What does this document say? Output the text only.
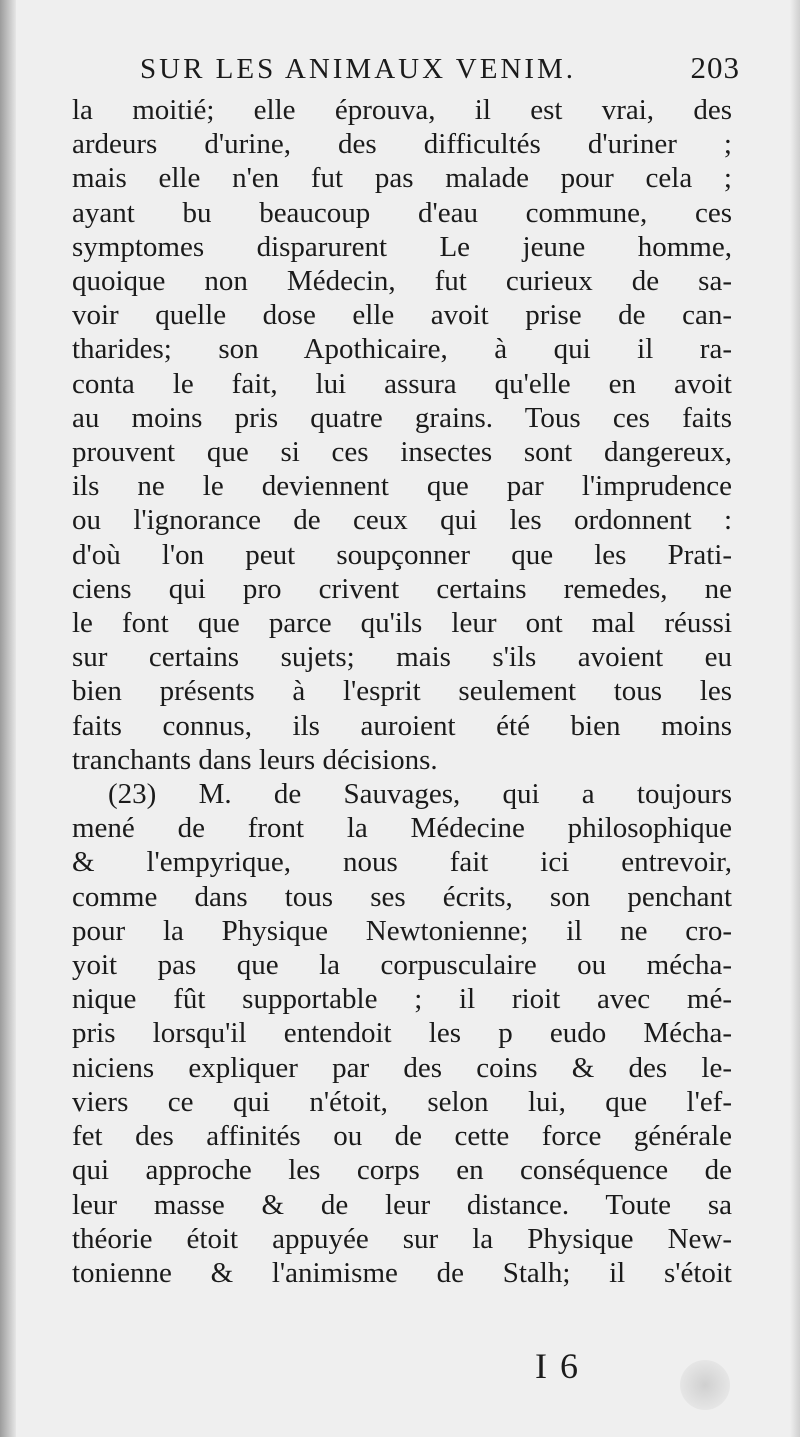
SUR LES ANIMAUX VENIM.	203
la moitié; elle éprouva, il est vrai, des
ardeurs d'urine, des difficultés d'uriner ;
mais elle n'en fut pas malade pour cela ;
ayant bu beaucoup d'eau commune, ces
symptomes disparurent Le jeune homme,
quoique non Médecin, fut curieux de sa-
voir quelle dose elle avoit prise de can-
tharides; son Apothicaire, à qui il ra-
conta le fait, lui assura qu'elle en avoit
au moins pris quatre grains. Tous ces faits
prouvent que si ces insectes sont dangereux,
ils ne le deviennent que par l'imprudence
ou l'ignorance de ceux qui les ordonnent :
d'où l'on peut soupçonner que les Prati-
ciens qui pro crivent certains remedes, ne
le font que parce qu'ils leur ont mal réussi
sur certains sujets; mais s'ils avoient eu
bien présents à l'esprit seulement tous les
faits connus, ils auroient été bien moins
tranchants dans leurs décisions.
(23) M. de Sauvages, qui a toujours
mené de front la Médecine philosophique
& l'empyrique, nous fait ici entrevoir,
comme dans tous ses écrits, son penchant
pour la Physique Newtonienne; il ne cro-
yoit pas que la corpusculaire ou mécha-
nique fût supportable ; il rioit avec mé-
pris lorsqu'il entendoit les p eudo Mécha-
niciens expliquer par des coins & des le-
viers ce qui n'étoit, selon lui, que l'ef-
fet des affinités ou de cette force générale
qui approche les corps en conséquence de
leur masse & de leur distance. Toute sa
théorie étoit appuyée sur la Physique New-
tonienne & l'animisme de Stalh; il s'étoit
I 6
